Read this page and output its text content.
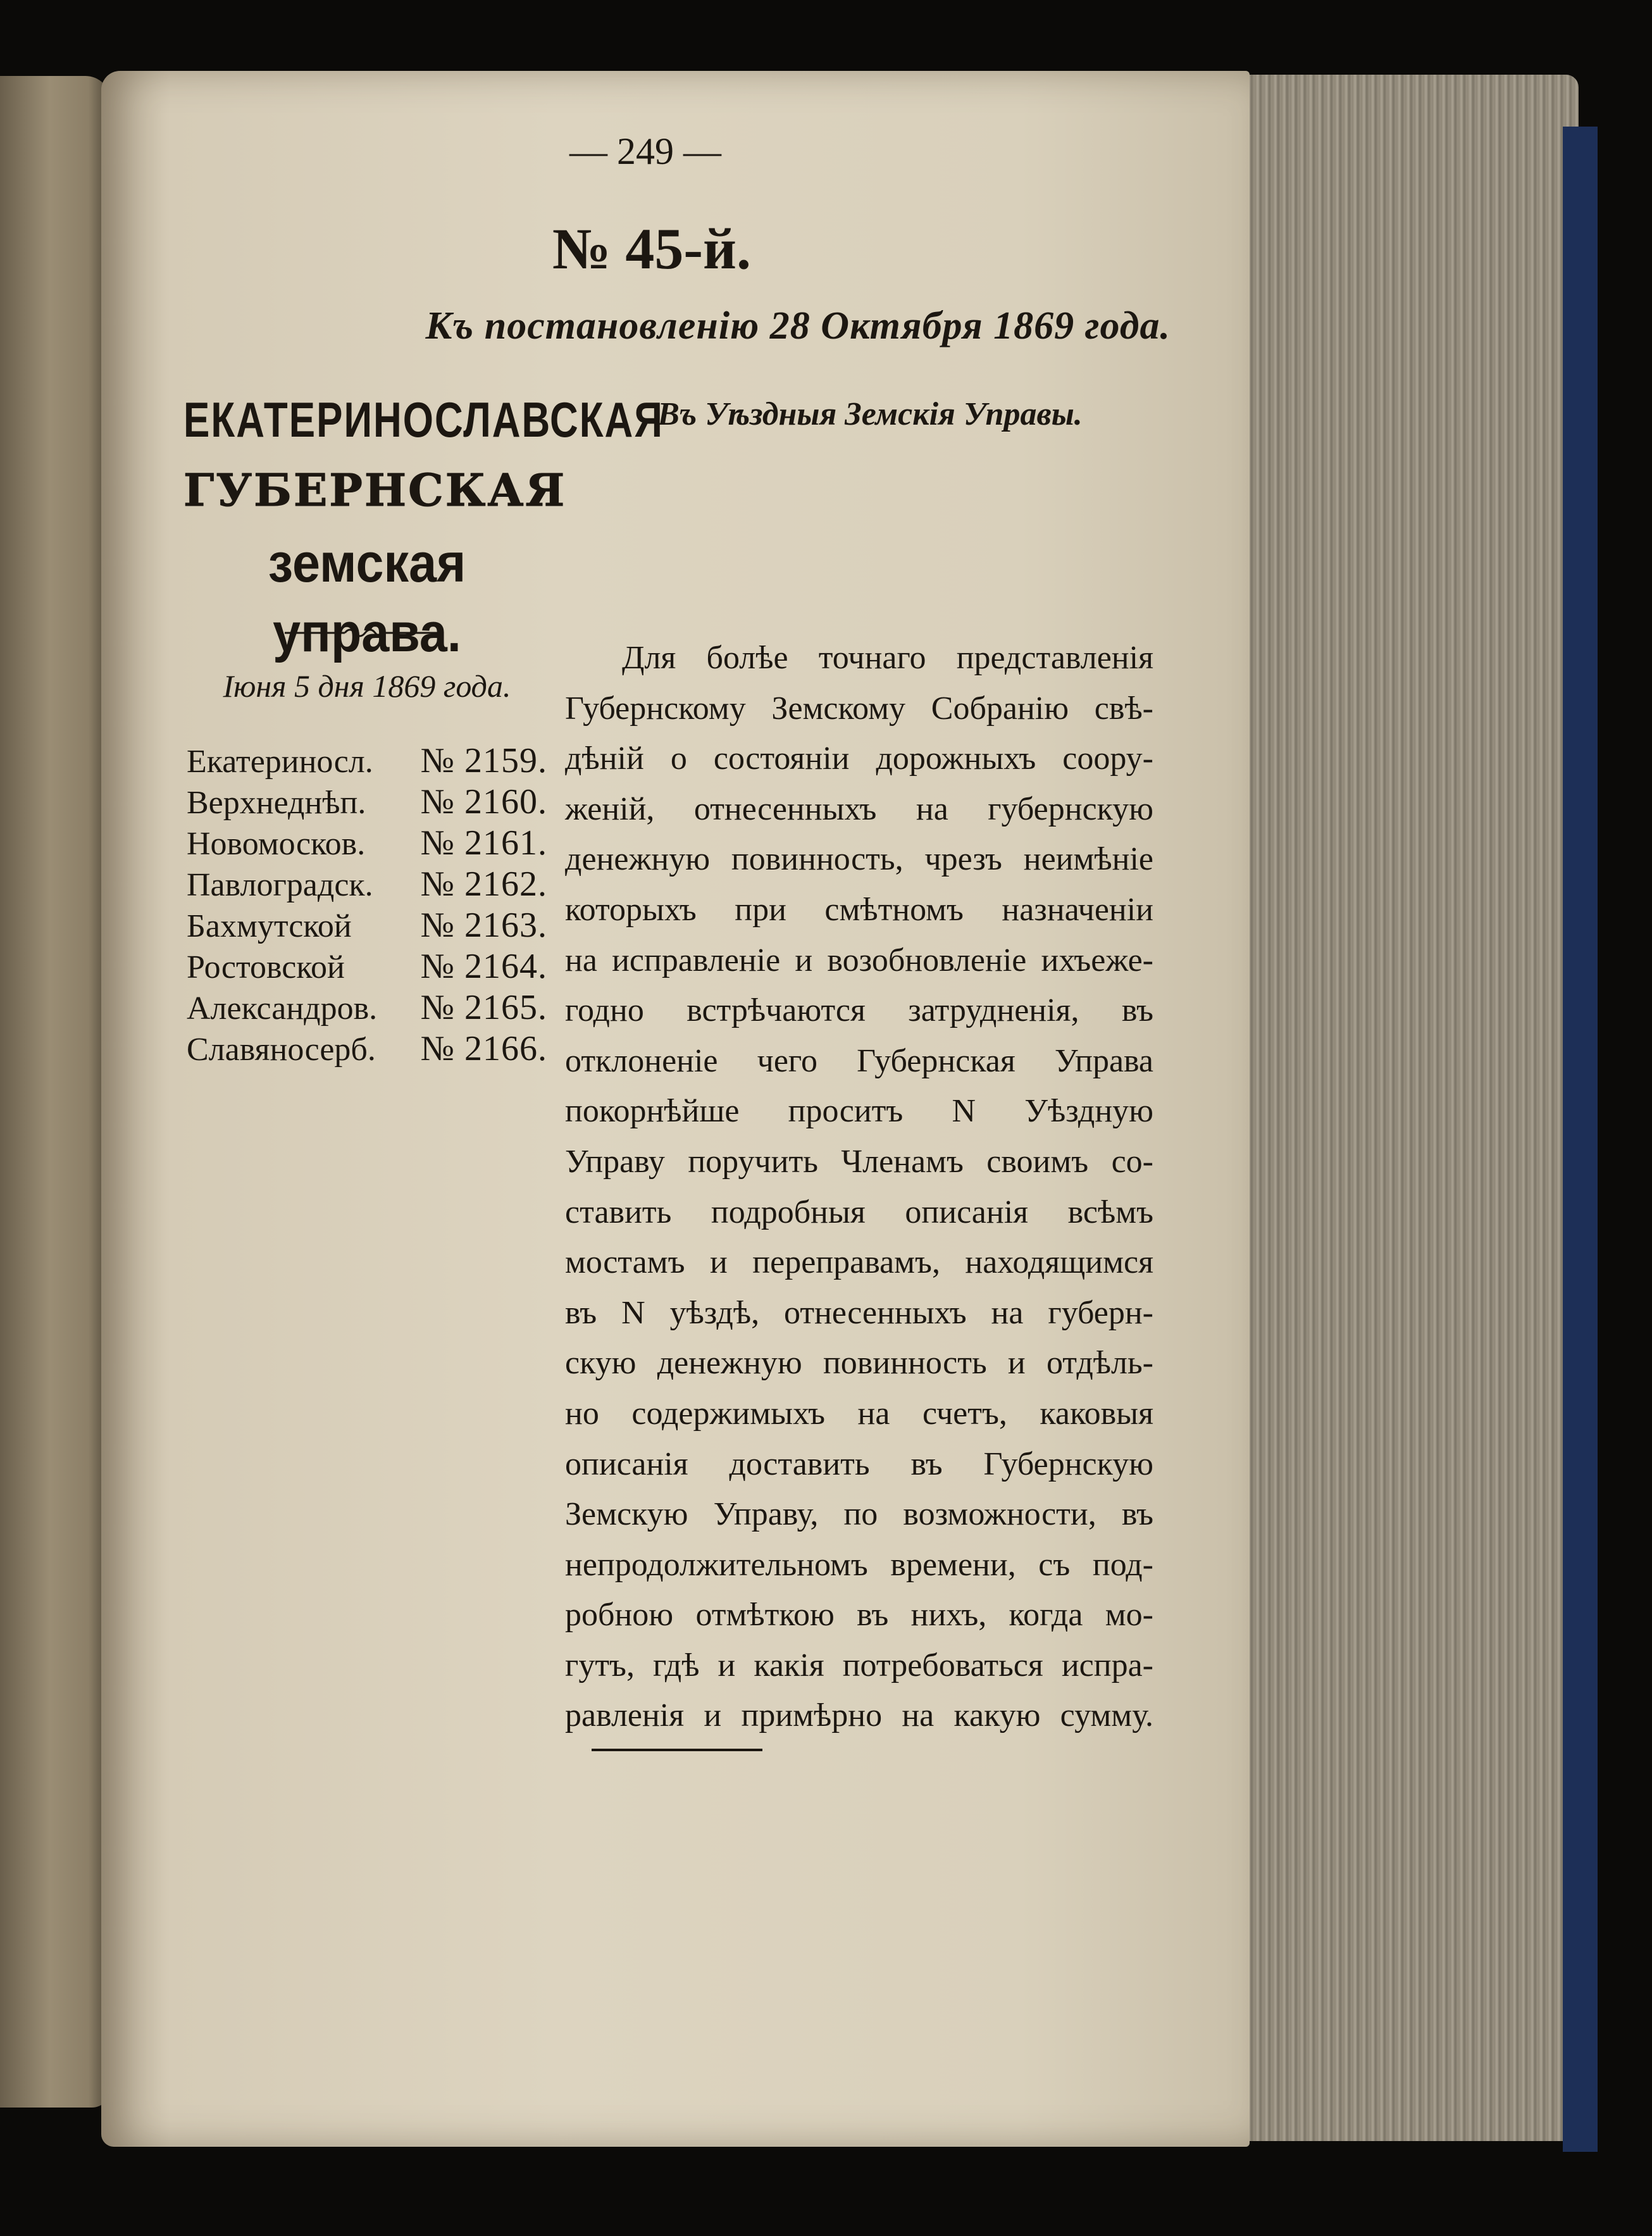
— 249 —
№ 45-й.
Къ постановленію 28 Октября 1869 года.
ЕКАТЕРИНОСЛАВСКАЯ
ГУБЕРНСКАЯ
земская управа.
Іюня 5 дня 1869 года.
Екатериносл. № 2159.
Верхнеднѣп. № 2160.
Новомосков. № 2161.
Павлоградск. № 2162.
Бахмутской № 2163.
Ростовской № 2164.
Александров. № 2165.
Славяносерб. № 2166.
Въ Уѣздныя Земскія Управы.
Для болѣе точнаго представленія
Губернскому Земскому Собранію свѣ-
дѣній о состояніи дорожныхъ соору-
женій, отнесенныхъ на губернскую
денежную повинность, чрезъ неимѣніе
которыхъ при смѣтномъ назначеніи
на исправленіе и возобновленіе ихъеже-
годно встрѣчаются затрудненія, въ
отклоненіе чего Губернская Управа
покорнѣйше проситъ N Уѣздную
Управу поручить Членамъ своимъ со-
ставить подробныя описанія всѣмъ
мостамъ и переправамъ, находящимся
въ N уѣздѣ, отнесенныхъ на губерн-
скую денежную повинность и отдѣль-
но содержимыхъ на счетъ, каковыя
описанія доставить въ Губернскую
Земскую Управу, по возможности, въ
непродолжительномъ времени, съ под-
робною отмѣткою въ нихъ, когда мо-
гутъ, гдѣ и какія потребоваться испра-
равленія и примѣрно на какую сумму.
